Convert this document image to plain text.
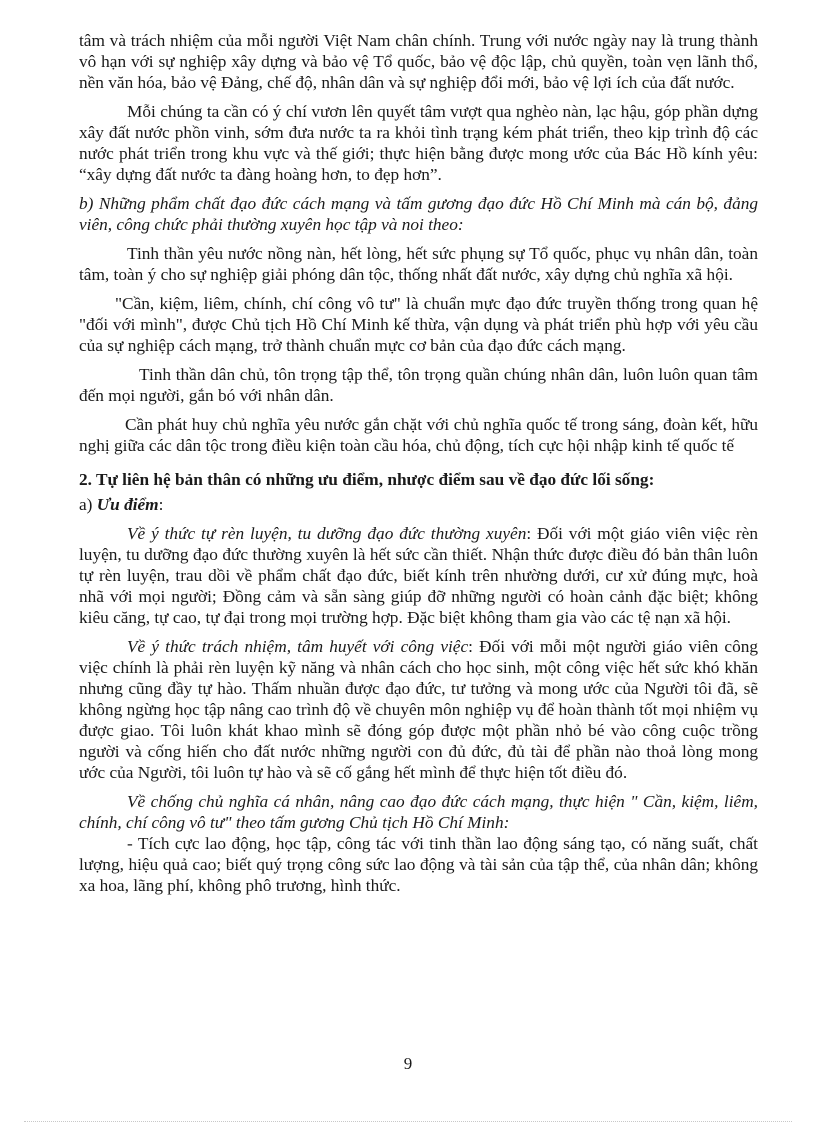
tâm và trách nhiệm của mỗi người Việt Nam chân chính. Trung với nước ngày nay là trung thành vô hạn với sự nghiệp xây dựng và bảo vệ Tổ quốc, bảo vệ độc lập, chủ quyền, toàn vẹn lãnh thổ, nền văn hóa, bảo vệ Đảng, chế độ, nhân dân và sự nghiệp đổi mới, bảo vệ lợi ích của đất nước.

Mỗi chúng ta cần có ý chí vươn lên quyết tâm vượt qua nghèo nàn, lạc hậu, góp phần dựng xây đất nước phồn vinh, sớm đưa nước ta ra khỏi tình trạng kém phát triển, theo kịp trình độ các nước phát triển trong khu vực và thế giới; thực hiện bằng được mong ước của Bác Hồ kính yêu: “xây dựng đất nước ta đàng hoàng hơn, to đẹp hơn”.

b) Những phẩm chất đạo đức cách mạng và tấm gương đạo đức Hồ Chí Minh mà cán bộ, đảng viên, công chức phải thường xuyên học tập và noi theo:

Tinh thần yêu nước nồng nàn, hết lòng, hết sức phụng sự Tổ quốc, phục vụ nhân dân, toàn tâm, toàn ý cho sự nghiệp giải phóng dân tộc, thống nhất đất nước, xây dựng chủ nghĩa xã hội.

"Cần, kiệm, liêm, chính, chí công vô tư" là chuẩn mực đạo đức truyền thống trong quan hệ "đối với mình", được Chủ tịch Hồ Chí Minh kế thừa, vận dụng và phát triển phù hợp với yêu cầu của sự nghiệp cách mạng, trở thành chuẩn mực cơ bản của đạo đức cách mạng.

Tinh thần dân chủ, tôn trọng tập thể, tôn trọng quần chúng nhân dân, luôn luôn quan tâm đến mọi người, gắn bó với nhân dân.

Cần phát huy chủ nghĩa yêu nước gắn chặt với chủ nghĩa quốc tế trong sáng, đoàn kết, hữu nghị giữa các dân tộc trong điều kiện toàn cầu hóa, chủ động, tích cực hội nhập kinh tế quốc tế

2. Tự liên hệ bản thân có những ưu điểm, nhược điểm sau về đạo đức lối sống:

a) Ưu điểm:

Về ý thức tự rèn luyện, tu dưỡng đạo đức thường xuyên: Đối với một giáo viên việc rèn luyện, tu dưỡng đạo đức thường xuyên là hết sức cần thiết. Nhận thức được điều đó bản thân luôn tự rèn luyện, trau dồi về phẩm chất đạo đức, biết kính trên nhường dưới, cư xử đúng mực, hoà nhã với mọi người; Đồng cảm và sẵn sàng giúp đỡ những người có hoàn cảnh đặc biệt; không kiêu căng, tự cao, tự đại trong mọi trường hợp. Đặc biệt không tham gia vào các tệ nạn xã hội.

Về ý thức trách nhiệm, tâm huyết với công việc: Đối với mỗi một người giáo viên công việc chính là phải rèn luyện kỹ năng và nhân cách cho học sinh, một công việc hết sức khó khăn nhưng cũng đầy tự hào. Thấm nhuần được đạo đức, tư tưởng và mong ước của Người tôi đã, sẽ không ngừng học tập nâng cao trình độ về chuyên môn nghiệp vụ để hoàn thành tốt mọi nhiệm vụ được giao. Tôi luôn khát khao mình sẽ đóng góp được một phần nhỏ bé vào công cuộc trồng người và cống hiến cho đất nước những người con đủ đức, đủ tài để phần nào thoả lòng mong ước của Người, tôi luôn tự hào và sẽ cố gắng hết mình để thực hiện tốt điều đó.

Về chống chủ nghĩa cá nhân, nâng cao đạo đức cách mạng, thực hiện " Cần, kiệm, liêm, chính, chí công vô tư" theo tấm gương Chủ tịch Hồ Chí Minh:

- Tích cực lao động, học tập, công tác với tinh thần lao động sáng tạo, có năng suất, chất lượng, hiệu quả cao; biết quý trọng công sức lao động và tài sản của tập thể, của nhân dân; không xa hoa, lãng phí, không phô trương, hình thức.

9
